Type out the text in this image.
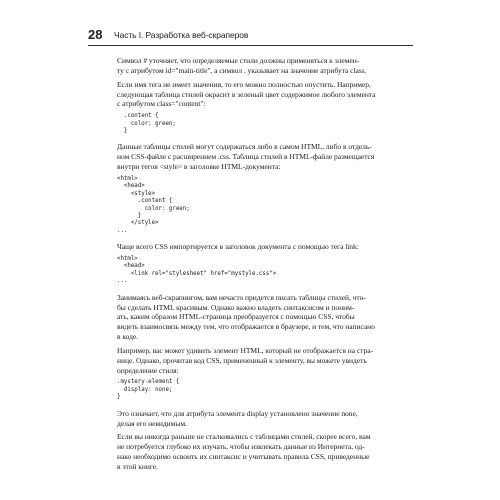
28 Часть I. Разработка веб-скраперов

Символ # уточняет, что определяемые стили должны применяться к элемен-
ту с атрибутом id="main-title", а символ . указывает на значение атрибута class.

Если имя тега не имеет значения, то его можно полностью опустить. Например,
следующая таблица стилей окрасит в зеленый цвет содержимое любого элемента
с атрибутом class="content":

.content {
color: green;
}

Данные таблицы стилей могут содержаться либо в самом HTML, либо в отдель-
ном CSS-файле с расширением .css. Таблица стилей в HTML-файле размещается
внутри тегов <style> в заголовке HTML-документа:

<html>
<head>
<style>
.content {
color: green;
}
</style>
...

Чаще всего CSS импортируется в заголовок документа с помощью тега link:

<html>
<head>
<link rel="stylesheet" href="mystyle.css">
...

Занимаясь веб-скрапингом, вам нечасто придется писать таблицы стилей, что-
бы сделать HTML красивым. Однако важно владеть синтаксисом и поним-
ать, каким образом HTML-страница преобразуется с помощью CSS, чтобы
видеть взаимосвязь между тем, что отображается в браузере, и тем, что написано
в коде.

Например, вас может удивить элемент HTML, который не отображается на стра-
нице. Однако, прочитав код CSS, примененный к элементу, вы можете увидеть
определение стиля:

.mystery-element {
display: none;
}

Это означает, что для атрибута элемента display установлено значение none,
делая его невидимым.

Если вы никогда раньше не сталкивались с таблицами стилей, скорее всего, вам
не потребуется глубоко их изучать, чтобы извлекать данные из Интернета, од-
нако необходимо освоить их синтаксис и учитывать правила CSS, приведенные
в этой книге.
